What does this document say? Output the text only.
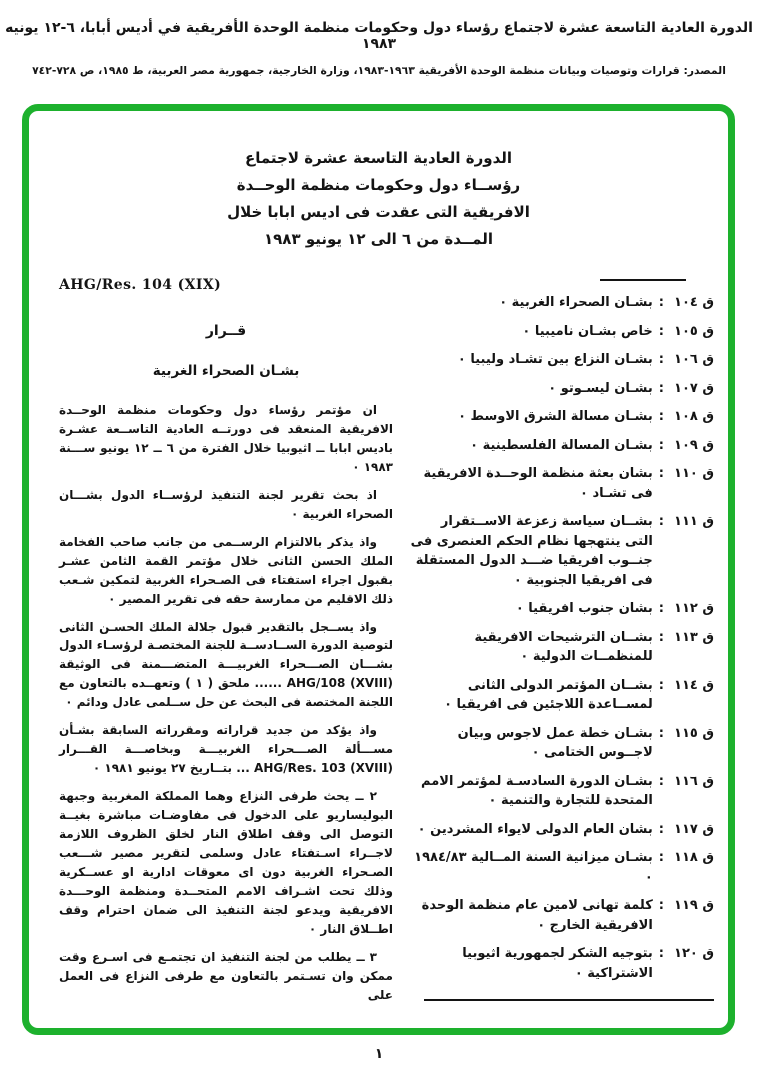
الدورة العادية التاسعة عشرة لاجتماع رؤساء دول وحكومات منظمة الوحدة الأفريقية في أديس أبابا، ٦-١٢ يونيه ١٩٨٣
المصدر: قرارات وتوصيات وبيانات منظمة الوحدة الأفريقية ١٩٦٣-١٩٨٣، وزارة الخارجية، جمهورية مصر العربية، ط ١٩٨٥، ص ٧٢٨-٧٤٢
الدورة العادية التاسعة عشرة لاجتماع
رؤســاء دول وحكومات منظمة الوحــدة
الافريقية التى عقدت فى اديس ابابا خلال
المــدة من ٦ الى ١٢ يونيو ١٩٨٣
AHG/Res. 104 (XIX)
قــرار
بشـان الصحراء الغربية

ان مؤتمر رؤساء دول وحكومات منظمة الوحــدة الافريقية المنعقد فى دورتــه العادية التاســعة عشـرة باديس ابابا ــ اثيوبيا خلال الفترة من ٦ ــ ١٢ يونيو ســـنة ١٩٨٣ ٠

اذ بحث تقرير لجنة التنفيذ لرؤســاء الدول بشـــان الصحراء الغربية ٠

واذ يذكر بالالتزام الرســمى من جانب صاحب الفخامة الملك الحسن الثانى خلال مؤتمر القمة الثامن عشـر بقبول اجراء استفتاء فى الصـحراء الغربية لتمكين شـعب ذلك الاقليم من ممارسة حقه فى تقرير المصير ٠

واذ يســجل بالتقدير قبول جلالة الملك الحسـن الثانى لتوصية الدورة الســادســة للجنة المختصـة لرؤسـاء الدول بشـــان الصـــحراء الغربيـــة المتضـــمنة فى الوثيقة AHG/108 (XVIII) ...... ملحق ( ١ ) وتعهــده بالتعاون مع اللجنة المختصة فى البحث عن حل ســلمى عادل ودائم ٠

واذ يؤكد من جديد قراراته ومقرراته السابقة بشـأن مســـألة الصـــحراء الغربيـــة وبخاصـــة القـــرار AHG/Res. 103 (XVIII) ... بتــاريخ ٢٧ يونيو ١٩٨١ ٠

٢ ــ يحث طرفى النزاع وهما المملكة المغربية وجبهة البوليساريو على الدخول فى مفاوضـات مباشرة بغيــة التوصل الى وقف اطلاق النار لخلق الظروف اللازمة لاجــراء اسـتفتاء عادل وسلمى لتقرير مصير شـــعب الصـحراء الغربية دون اى معوقات ادارية او عســكرية وذلك تحت اشـراف الامم المتحــدة ومنظمة الوحـــدة الافريقية ويدعو لجنة التنفيذ الى ضمان احترام وقف اطــلاق النار ٠

٣ ــ يطلب من لجنة التنفيذ ان تجتمـع فى اسـرع وقت ممكن وان تسـتمر بالتعاون مع طرفى النزاع فى العمل على

ق ١٠٤
:
بشـان الصحراء الغربية ٠
ق ١٠٥
:
خاص بشـان ناميبيا ٠
ق ١٠٦
:
بشـان النزاع بين تشـاد وليبيا ٠
ق ١٠٧
:
بشـان ليسـوتو ٠
ق ١٠٨
:
بشـان مسالة الشرق الاوسط ٠
ق ١٠٩
:
بشـان المسالة الفلسطينية ٠
ق ١١٠
:
بشان بعثة منظمة الوحــدة الافريقية فى تشـاد ٠
ق ١١١
:
بشــان سياسة زعزعة الاســتقرار التى ينتهجها نظام الحكم العنصرى فى جنــوب افريقيا ضـــد الدول المستقلة فى افريقيا الجنوبية ٠
ق ١١٢
:
بشان جنوب افريقيا ٠
ق ١١٣
:
بشــان الترشيحات الافريقية للمنظمــات الدولية ٠
ق ١١٤
:
بشــان المؤتمر الدولى الثانى لمســاعدة اللاجئين فى افريقيا ٠
ق ١١٥
:
بشـان خطة عمل لاجوس وبيان لاجــوس الختامى ٠
ق ١١٦
:
بشـان الدورة السادسـة لمؤتمر الامم المتحدة للتجارة والتنمية ٠
ق ١١٧
:
بشان العام الدولى لايواء المشردين ٠
ق ١١٨
:
بشـان ميزانية السنة المــالية ١٩٨٤/٨٣ ٠
ق ١١٩
:
كلمة تهانى لامين عام منظمة الوحدة الافريقية الخارج ٠
ق ١٢٠
:
بتوجيه الشكر لجمهورية اثيوبيا الاشتراكية ٠
١
